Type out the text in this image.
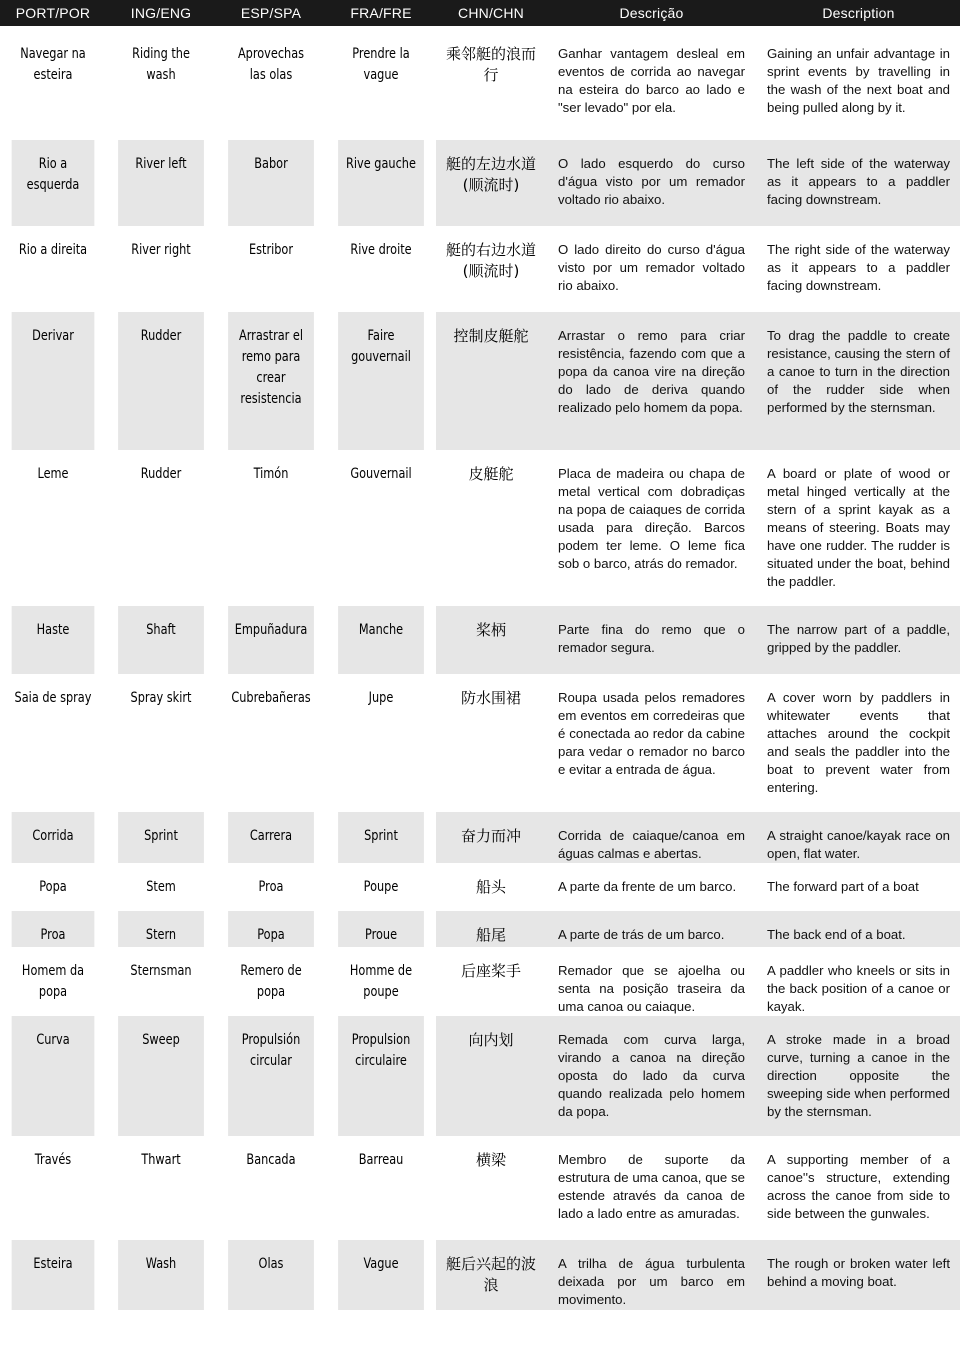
PORT/POR	ING/ENG	ESP/SPA	FRA/FRE	CHN/CHN	Descrição	Description
Navegar na esteira	Riding the wash	Aprovechas las olas	Prendre la vague	乘邻艇的浪而行	Ganhar vantagem desleal em eventos de corrida ao navegar na esteira do barco ao lado e "ser levado" por ela.	Gaining an unfair advantage in sprint events by travelling in the wash of the next boat and being pulled along by it.
Rio a esquerda	River left	Babor	Rive gauche	艇的左边水道(顺流时)	O lado esquerdo do curso d'água visto por um remador voltado rio abaixo.	The left side of the waterway as it appears to a paddler facing downstream.
Rio a direita	River right	Estribor	Rive droite	艇的右边水道(顺流时)	O lado direito do curso d'água visto por um remador voltado rio abaixo.	The right side of the waterway as it appears to a paddler facing downstream.
Derivar	Rudder	Arrastrar el remo para crear resistencia	Faire gouvernail	控制皮艇舵	Arrastar o remo para criar resistência, fazendo com que a popa da canoa vire na direção do lado de deriva quando realizado pelo homem da popa.	To drag the paddle to create resistance, causing the stern of a canoe to turn in the direction of the rudder side when performed by the sternsman.
Leme	Rudder	Timón	Gouvernail	皮艇舵	Placa de madeira ou chapa de metal vertical com dobradiças na popa de caiaques de corrida usada para direção. Barcos podem ter leme. O leme fica sob o barco, atrás do remador.	A board or plate of wood or metal hinged vertically at the stern of a sprint kayak as a means of steering. Boats may have one rudder. The rudder is situated under the boat, behind the paddler.
Haste	Shaft	Empuñadura	Manche	桨柄	Parte fina do remo que o remador segura.	The narrow part of a paddle, gripped by the paddler.
Saia de spray	Spray skirt	Cubrebañeras	Jupe	防水围裙	Roupa usada pelos remadores em eventos em corredeiras que é conectada ao redor da cabine para vedar o remador no barco e evitar a entrada de água.	A cover worn by paddlers in whitewater events that attaches around the cockpit and seals the paddler into the boat to prevent water from entering.
Corrida	Sprint	Carrera	Sprint	奋力而冲	Corrida de caiaque/canoa em águas calmas e abertas.	A straight canoe/kayak race on open, flat water.
Popa	Stem	Proa	Poupe	船头	A parte da frente de um barco.	The forward part of a boat
Proa	Stern	Popa	Proue	船尾	A parte de trás de um barco.	The back end of a boat.
Homem da popa	Sternsman	Remero de popa	Homme de poupe	后座桨手	Remador que se ajoelha ou senta na posição traseira da uma canoa ou caiaque.	A paddler who kneels or sits in the back position of a canoe or kayak.
Curva	Sweep	Propulsión circular	Propulsion circulaire	向内划	Remada com curva larga, virando a canoa na direção oposta do lado da curva quando realizada pelo homem da popa.	A stroke made in a broad curve, turning a canoe in the direction opposite the sweeping side when performed by the sternsman.
Través	Thwart	Bancada	Barreau	横梁	Membro de suporte da estrutura de uma canoa, que se estende através da canoa de lado a lado entre as amuradas.	A supporting member of a canoe''s structure, extending across the canoe from side to side between the gunwales.
Esteira	Wash	Olas	Vague	艇后兴起的波浪	A trilha de água turbulenta deixada por um barco em movimento.	The rough or broken water left behind a moving boat.
